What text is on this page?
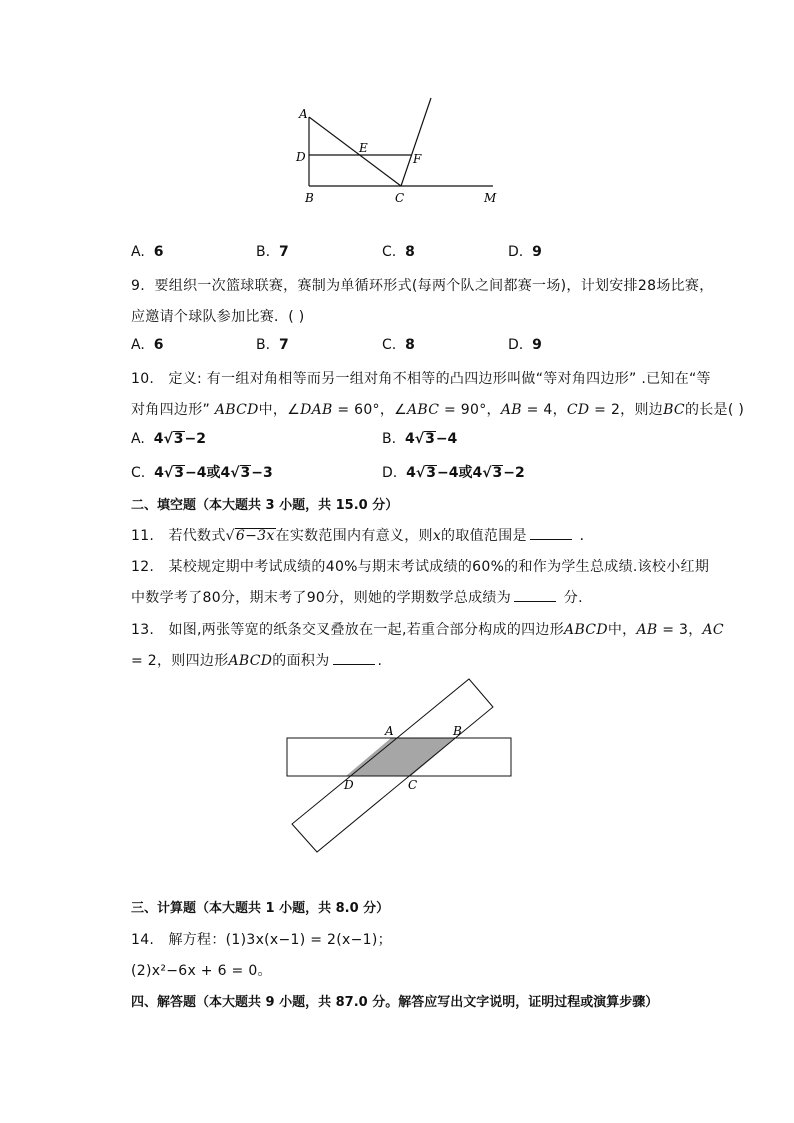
A
D
E
F
B	C	M
A. 6	B. 7	C. 8	D. 9
9. 要组织一次篮球联赛，赛制为单循环形式(每两个队之间都赛一场)，计划安排28场比赛，
应邀请个球队参加比赛．( )
A. 6	B. 7	C. 8	D. 9
10. 定义: 有一组对角相等而另一组对角不相等的凸四边形叫做“等对角四边形” .已知在“等
对角四边形” ABCD中，∠DAB = 60°，∠ABC = 90°，AB = 4，CD = 2，则边BC的长是( )
A. 4√3−2	B. 4√3−4
C. 4√3−4或4√3−3	D. 4√3−4或4√3−2
二、填空题（本大题共 3 小题，共 15.0 分）
11. 若代数式√6−3x在实数范围内有意义，则x的取值范围是	．
12. 某校规定期中考试成绩的40%与期末考试成绩的60%的和作为学生总成绩.该校小红期
中数学考了80分，期末考了90分，则她的学期数学总成绩为	分.
13. 如图,两张等宽的纸条交叉叠放在一起,若重合部分构成的四边形ABCD中，AB = 3，AC
= 2，则四边形ABCD的面积为	.
A	B
D	C
三、计算题（本大题共 1 小题，共 8.0 分）
14. 解方程：(1)3x(x−1) = 2(x−1)；
(2)x²−6x + 6 = 0。
四、解答题（本大题共 9 小题，共 87.0 分。解答应写出文字说明，证明过程或演算步骤）
